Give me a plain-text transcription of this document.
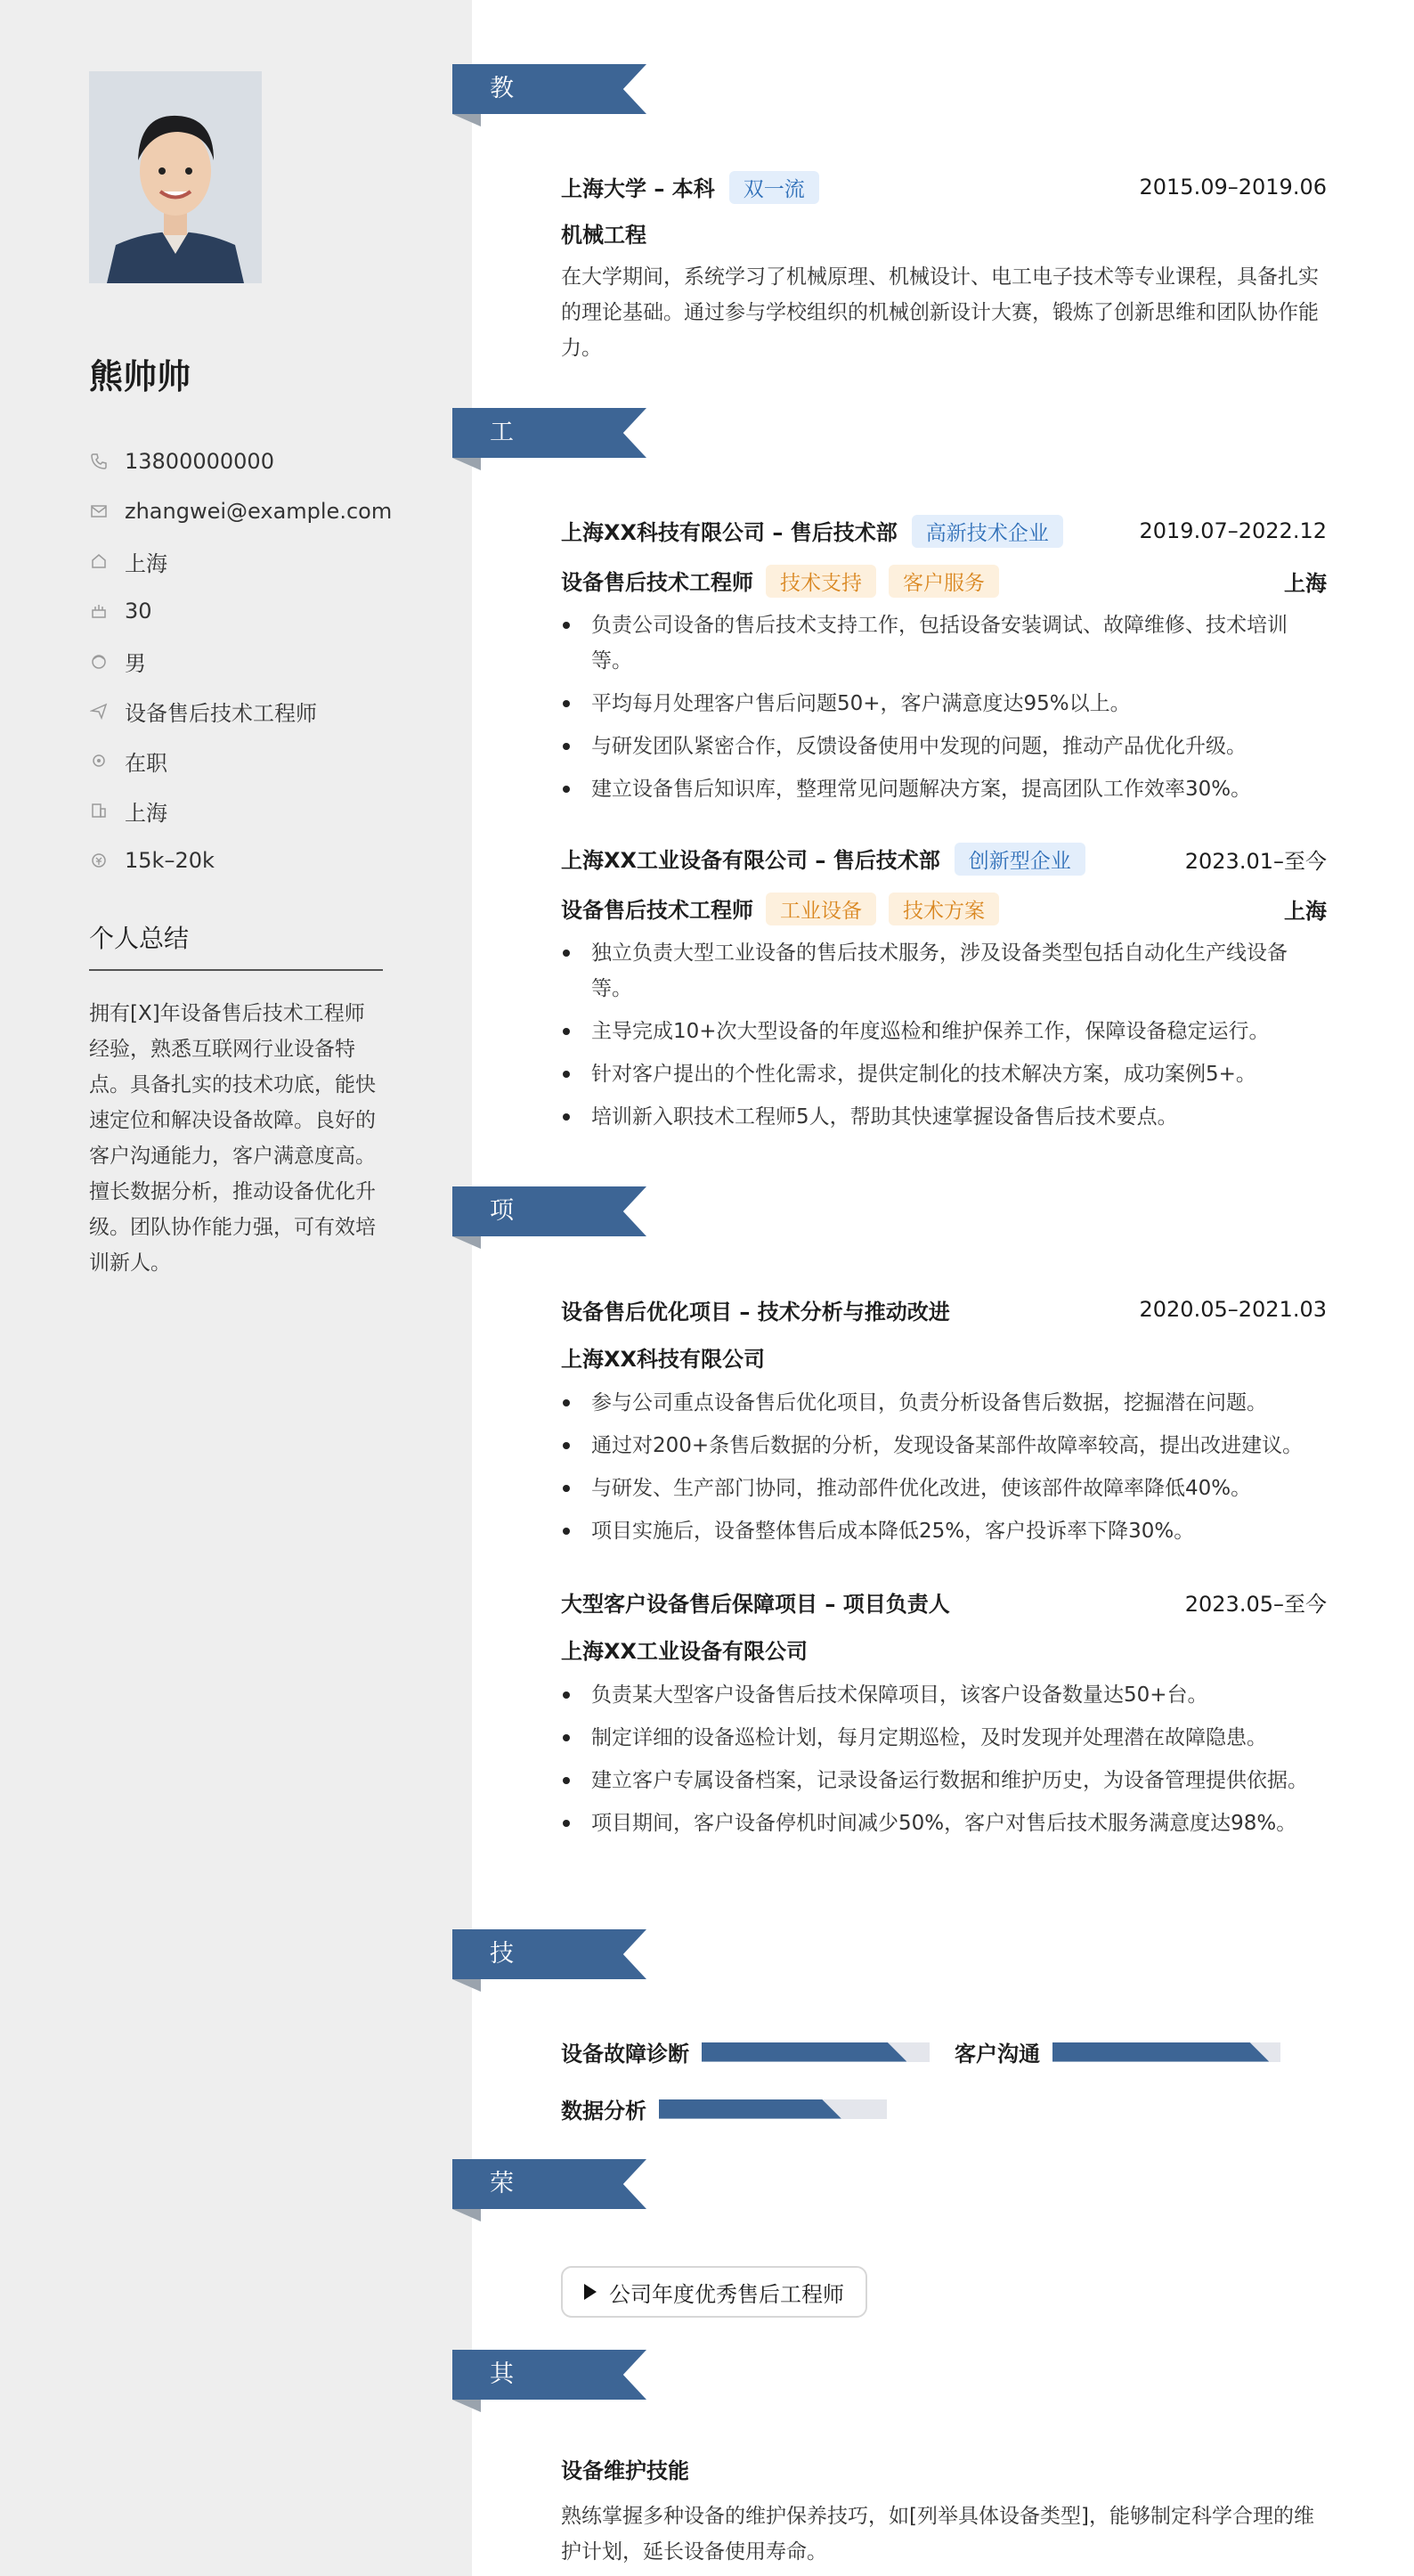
熊帅帅
13800000000
zhangwei@example.com
上海
30
男
设备售后技术工程师
在职
上海
15k–20k
个人总结
拥有[X]年设备售后技术工程师经验，熟悉互联网行业设备特点。具备扎实的技术功底，能快速定位和解决设备故障。良好的客户沟通能力，客户满意度高。擅长数据分析，推动设备优化升级。团队协作能力强，可有效培训新人。
教育经历
上海大学 – 本科 双一流	2015.09–2019.06
机械工程
在大学期间，系统学习了机械原理、机械设计、电工电子技术等专业课程，具备扎实的理论基础。通过参与学校组织的机械创新设计大赛，锻炼了创新思维和团队协作能力。
工作经历
上海XX科技有限公司 – 售后技术部 高新技术企业	2019.07–2022.12
设备售后技术工程师 技术支持 客户服务	上海
负责公司设备的售后技术支持工作，包括设备安装调试、故障维修、技术培训等。
平均每月处理客户售后问题50+，客户满意度达95%以上。
与研发团队紧密合作，反馈设备使用中发现的问题，推动产品优化升级。
建立设备售后知识库，整理常见问题解决方案，提高团队工作效率30%。
上海XX工业设备有限公司 – 售后技术部 创新型企业	2023.01–至今
设备售后技术工程师 工业设备 技术方案	上海
独立负责大型工业设备的售后技术服务，涉及设备类型包括自动化生产线设备等。
主导完成10+次大型设备的年度巡检和维护保养工作，保障设备稳定运行。
针对客户提出的个性化需求，提供定制化的技术解决方案，成功案例5+。
培训新入职技术工程师5人，帮助其快速掌握设备售后技术要点。
项目经历
设备售后优化项目 – 技术分析与推动改进	2020.05–2021.03
上海XX科技有限公司
参与公司重点设备售后优化项目，负责分析设备售后数据，挖掘潜在问题。
通过对200+条售后数据的分析，发现设备某部件故障率较高，提出改进建议。
与研发、生产部门协同，推动部件优化改进，使该部件故障率降低40%。
项目实施后，设备整体售后成本降低25%，客户投诉率下降30%。
大型客户设备售后保障项目 – 项目负责人	2023.05–至今
上海XX工业设备有限公司
负责某大型客户设备售后技术保障项目，该客户设备数量达50+台。
制定详细的设备巡检计划，每月定期巡检，及时发现并处理潜在故障隐患。
建立客户专属设备档案，记录设备运行数据和维护历史，为设备管理提供依据。
项目期间，客户设备停机时间减少50%，客户对售后技术服务满意度达98%。
技能专长
设备故障诊断	客户沟通
数据分析
荣誉奖项
公司年度优秀售后工程师
其他信息
设备维护技能
熟练掌握多种设备的维护保养技巧，如[列举具体设备类型]，能够制定科学合理的维护计划，延长设备使用寿命。
